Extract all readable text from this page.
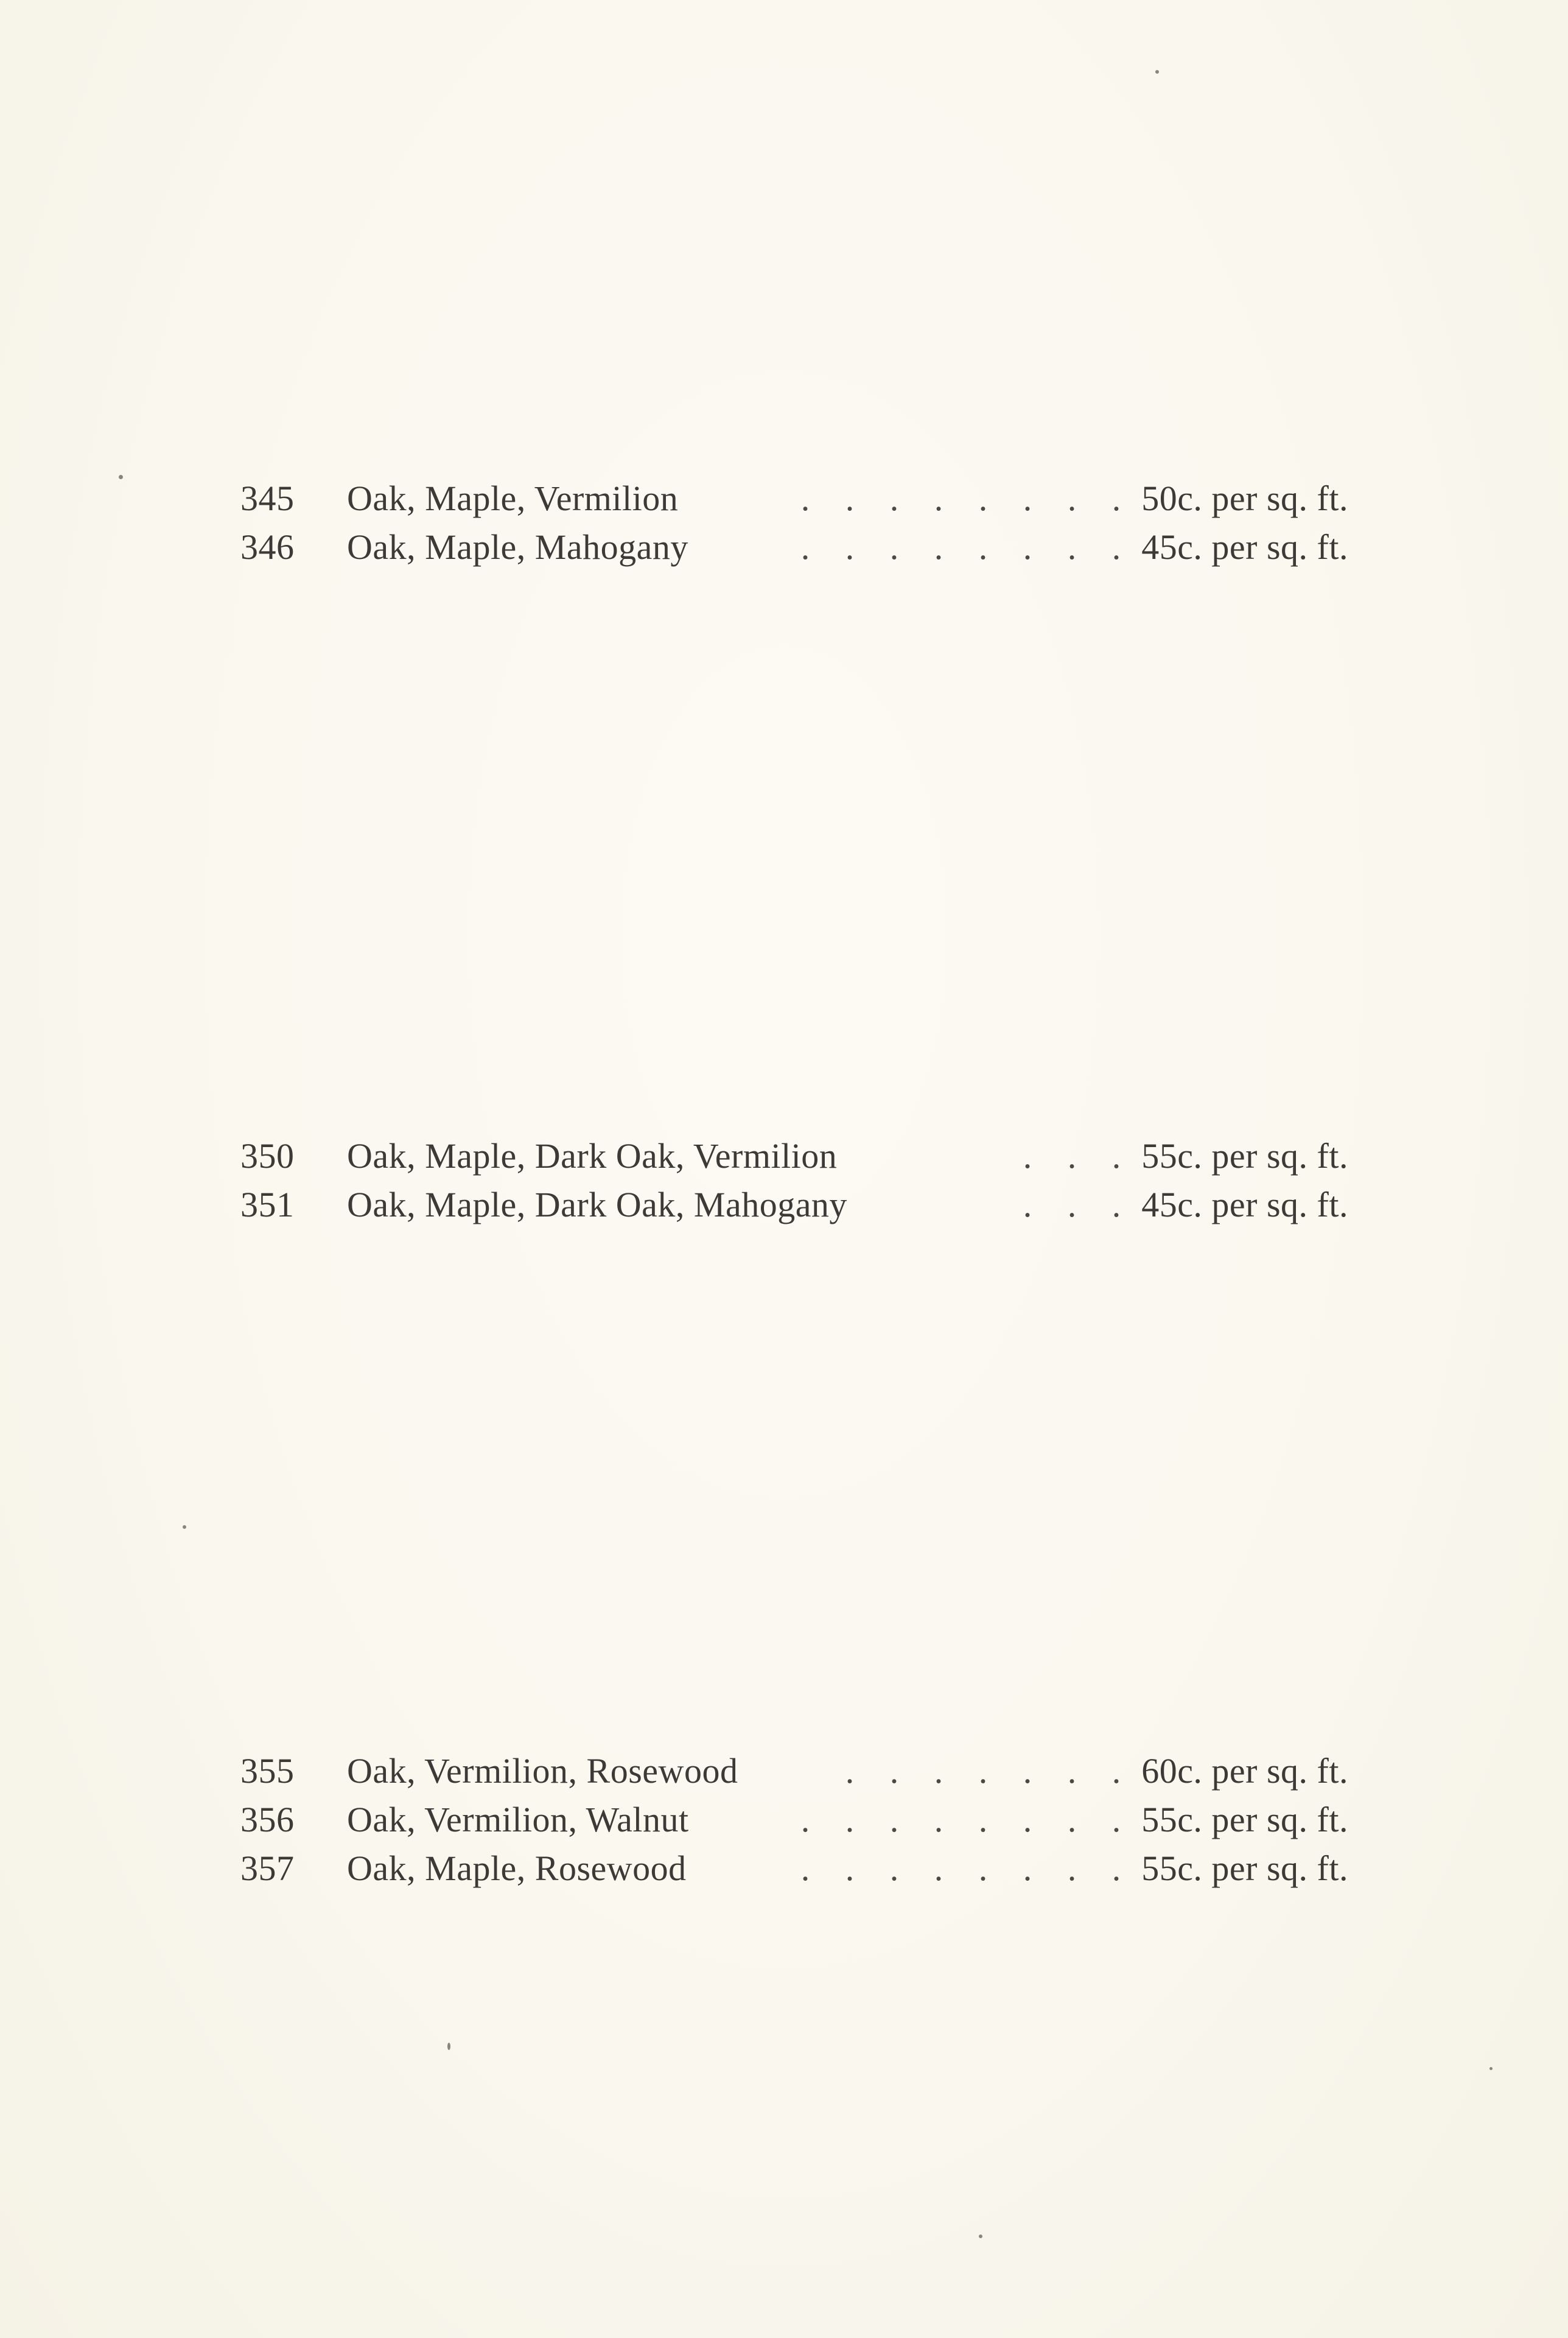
345	Oak, Maple, Vermilion	. . . . . . . . 50c. per sq. ft.
346	Oak, Maple, Mahogany	. . . . . . . . 45c. per sq. ft.
350	Oak, Maple, Dark Oak, Vermilion	. . . 55c. per sq. ft.
351	Oak, Maple, Dark Oak, Mahogany	. . . 45c. per sq. ft.
355	Oak, Vermilion, Rosewood	. . . . . . . 60c. per sq. ft.
356	Oak, Vermilion, Walnut	. . . . . . . . 55c. per sq. ft.
357	Oak, Maple, Rosewood	. . . . . . . . 55c. per sq. ft.
